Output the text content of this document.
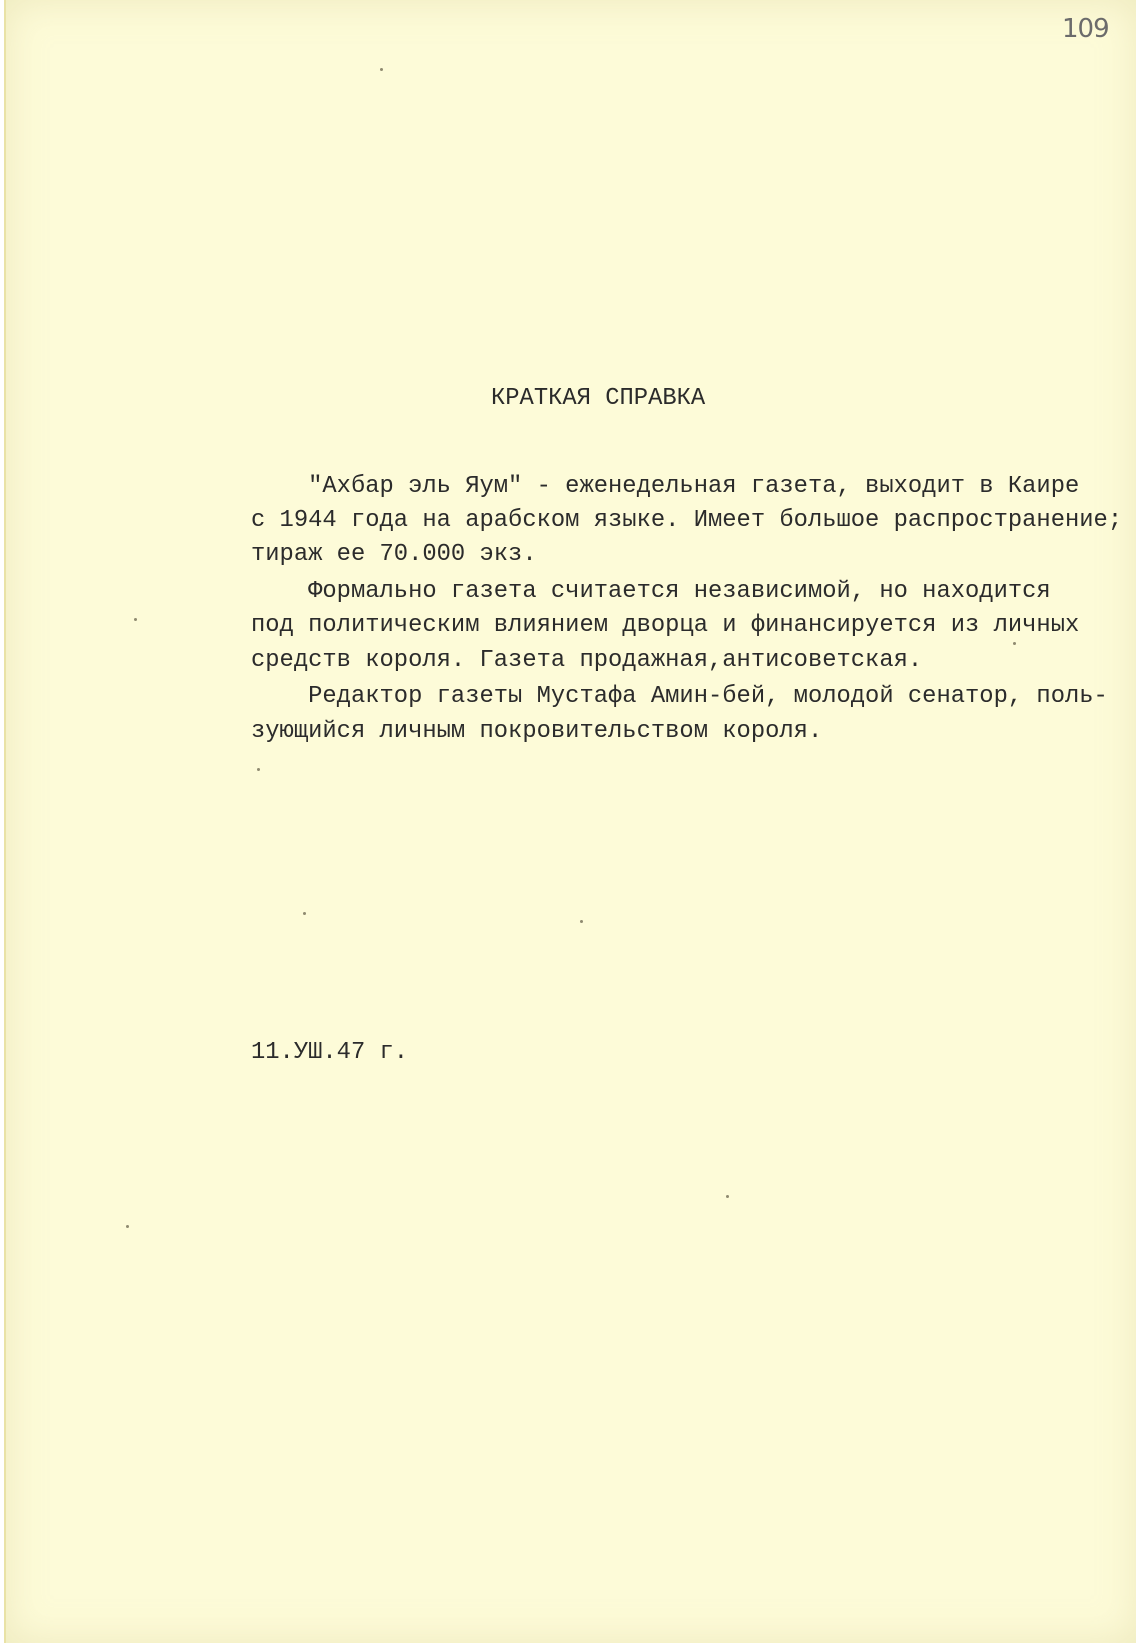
109
КРАТКАЯ СПРАВКА
"Ахбар эль Яум" - еженедельная газета, выходит в Каире
с 1944 года на арабском языке. Имеет большое распространение;
тираж ее 70.000 экз.
Формально газета считается независимой, но находится
под политическим влиянием дворца и финансируется из личных
средств короля. Газета продажная,антисоветская.
Редактор газеты Мустафа Амин-бей, молодой сенатор, поль-
зующийся личным покровительством короля.
11.УШ.47 г.
